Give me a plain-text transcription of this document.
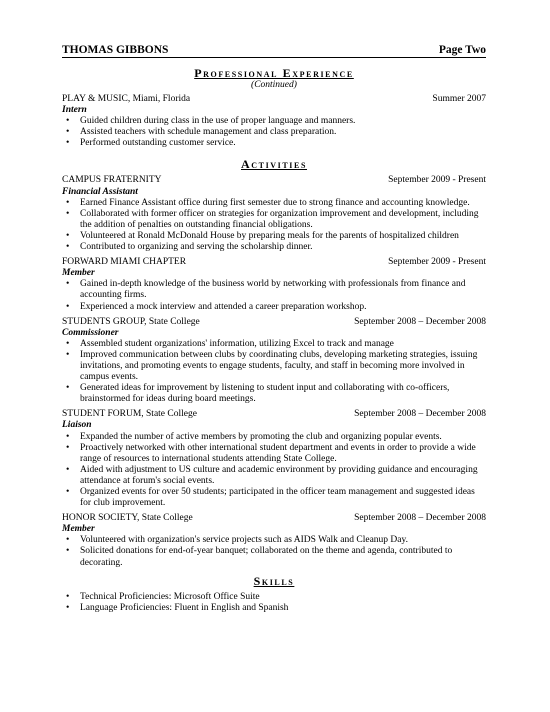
THOMAS GIBBONS	Page Two
Professional Experience
(Continued)
PLAY & MUSIC, Miami, Florida	Summer 2007
Intern
• Guided children during class in the use of proper language and manners.
• Assisted teachers with schedule management and class preparation.
• Performed outstanding customer service.
Activities
CAMPUS FRATERNITY	September 2009 - Present
Financial Assistant
• Earned Finance Assistant office during first semester due to strong finance and accounting knowledge.
• Collaborated with former officer on strategies for organization improvement and development, including the addition of penalties on outstanding financial obligations.
• Volunteered at Ronald McDonald House by preparing meals for the parents of hospitalized children
• Contributed to organizing and serving the scholarship dinner.
FORWARD MIAMI CHAPTER	September 2009 - Present
Member
• Gained in-depth knowledge of the business world by networking with professionals from finance and accounting firms.
• Experienced a mock interview and attended a career preparation workshop.
STUDENTS GROUP, State College	September 2008 – December 2008
Commissioner
• Assembled student organizations' information, utilizing Excel to track and manage
• Improved communication between clubs by coordinating clubs, developing marketing strategies, issuing invitations, and promoting events to engage students, faculty, and staff in becoming more involved in campus events.
• Generated ideas for improvement by listening to student input and collaborating with co-officers, brainstormed for ideas during board meetings.
STUDENT FORUM, State College	September 2008 – December 2008
Liaison
• Expanded the number of active members by promoting the club and organizing popular events.
• Proactively networked with other international student department and events in order to provide a wide range of resources to international students attending State College.
• Aided with adjustment to US culture and academic environment by providing guidance and encouraging attendance at forum's social events.
• Organized events for over 50 students; participated in the officer team management and suggested ideas for club improvement.
HONOR SOCIETY, State College	September 2008 – December 2008
Member
• Volunteered with organization's service projects such as AIDS Walk and Cleanup Day.
• Solicited donations for end-of-year banquet; collaborated on the theme and agenda, contributed to decorating.
Skills
• Technical Proficiencies: Microsoft Office Suite
• Language Proficiencies: Fluent in English and Spanish
